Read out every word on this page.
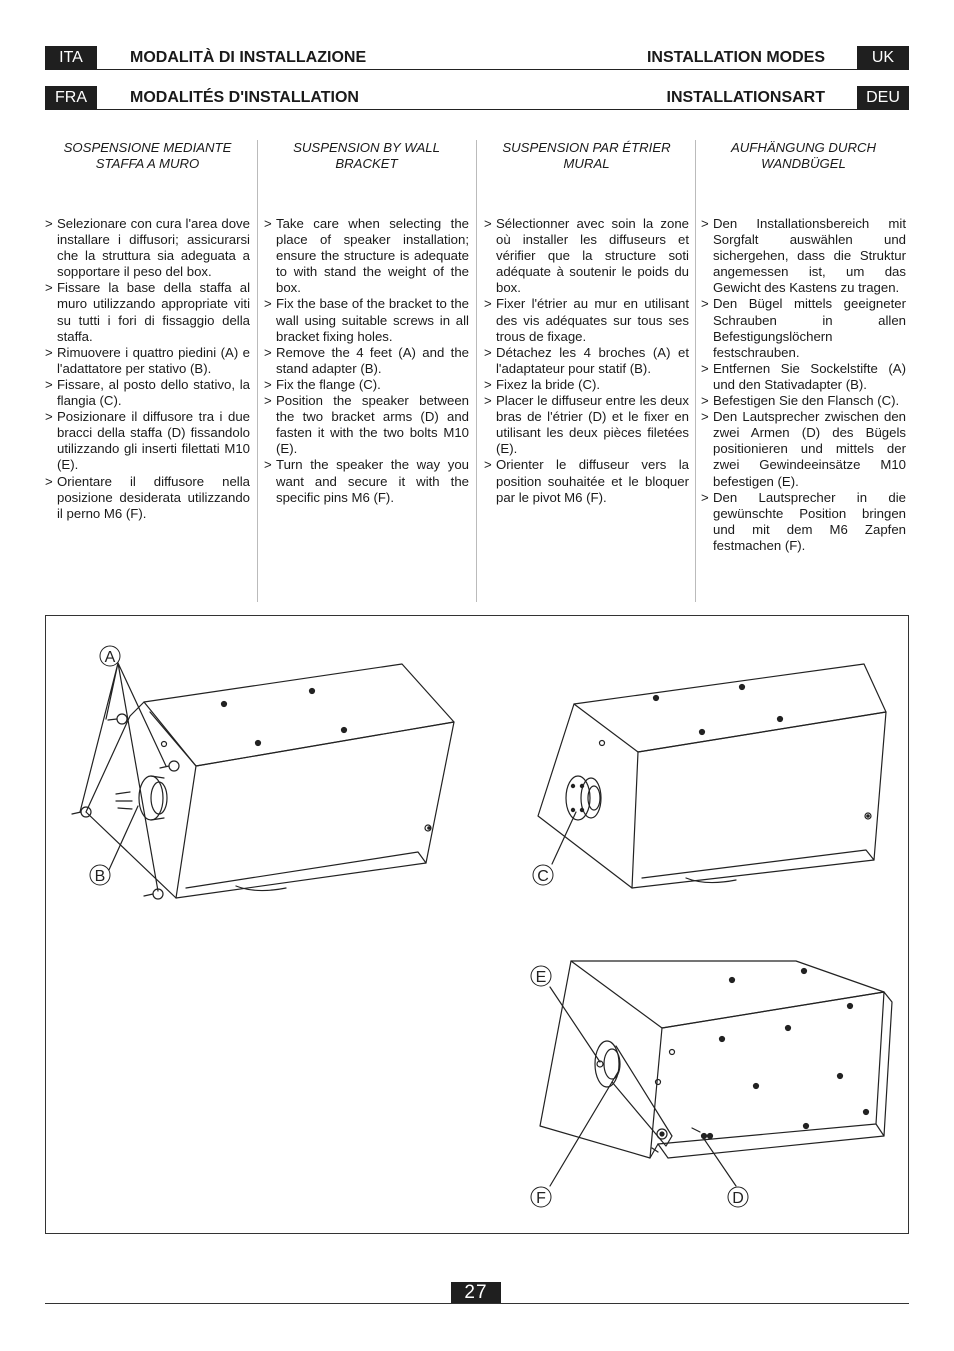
ITA	MODALITÀ DI INSTALLAZIONE	INSTALLATION MODES	UK
FRA	MODALITÉS D'INSTALLATION	INSTALLATIONSART	DEU
SOSPENSIONE MEDIANTE STAFFA A MURO
> Selezionare con cura l'area dove installare i diffusori; assicurarsi che la struttura sia adeguata a sopportare il peso del box.
> Fissare la base della staffa al muro utilizzando appropriate viti su tutti i fori di fissaggio della staffa.
> Rimuovere i quattro piedini (A) e l'adattatore per stativo (B).
> Fissare, al posto dello stativo, la flangia (C).
> Posizionare il diffusore tra i due bracci della staffa (D) fissandolo utilizzando gli inserti filettati M10 (E).
> Orientare il diffusore nella posizione desiderata utilizzando il perno M6 (F).
SUSPENSION BY WALL BRACKET
> Take care when selecting the place of speaker installation; ensure the structure is adequate to with stand the weight of the box.
> Fix the base of the bracket to the wall using suitable screws in all bracket fixing holes.
> Remove the 4 feet (A) and the stand adapter (B).
> Fix the flange (C).
> Position the speaker between the two bracket arms (D) and fasten it with the two bolts M10 (E).
> Turn the speaker the way you want and secure it with the specific pins M6 (F).
SUSPENSION PAR ÉTRIER MURAL
> Sélectionner avec soin la zone où installer les diffuseurs et vérifier que la structure soti adéquate à soutenir le poids du box.
> Fixer l'étrier au mur en utilisant des vis adéquates sur tous ses trous de fixage.
> Détachez les 4 broches (A) et l'adaptateur pour statif (B).
> Fixez la bride (C).
> Placer le diffuseur entre les deux bras de l'étrier (D) et le fixer en utilisant les deux pièces filetées (E).
> Orienter le diffuseur vers la position souhaitée et le bloquer par le pivot M6 (F).
AUFHÄNGUNG DURCH WANDBÜGEL
> Den Installationsbereich mit Sorgfalt auswählen und sichergehen, dass die Struktur angemessen ist, um das Gewicht des Kastens zu tragen.
> Den Bügel mittels geeigneter Schrauben in allen Befestigungslöchern festschrauben.
> Entfernen Sie Sockelstifte (A) und den Stativadapter (B).
> Befestigen Sie den Flansch (C).
> Den Lautsprecher zwischen den zwei Armen (D) des Bügels positionieren und mittels der zwei Gewindeeinsätze M10 befestigen (E).
> Den Lautsprecher in die gewünschte Position bringen und mit dem M6 Zapfen festmachen (F).
A
B	C
E
F	D
27
